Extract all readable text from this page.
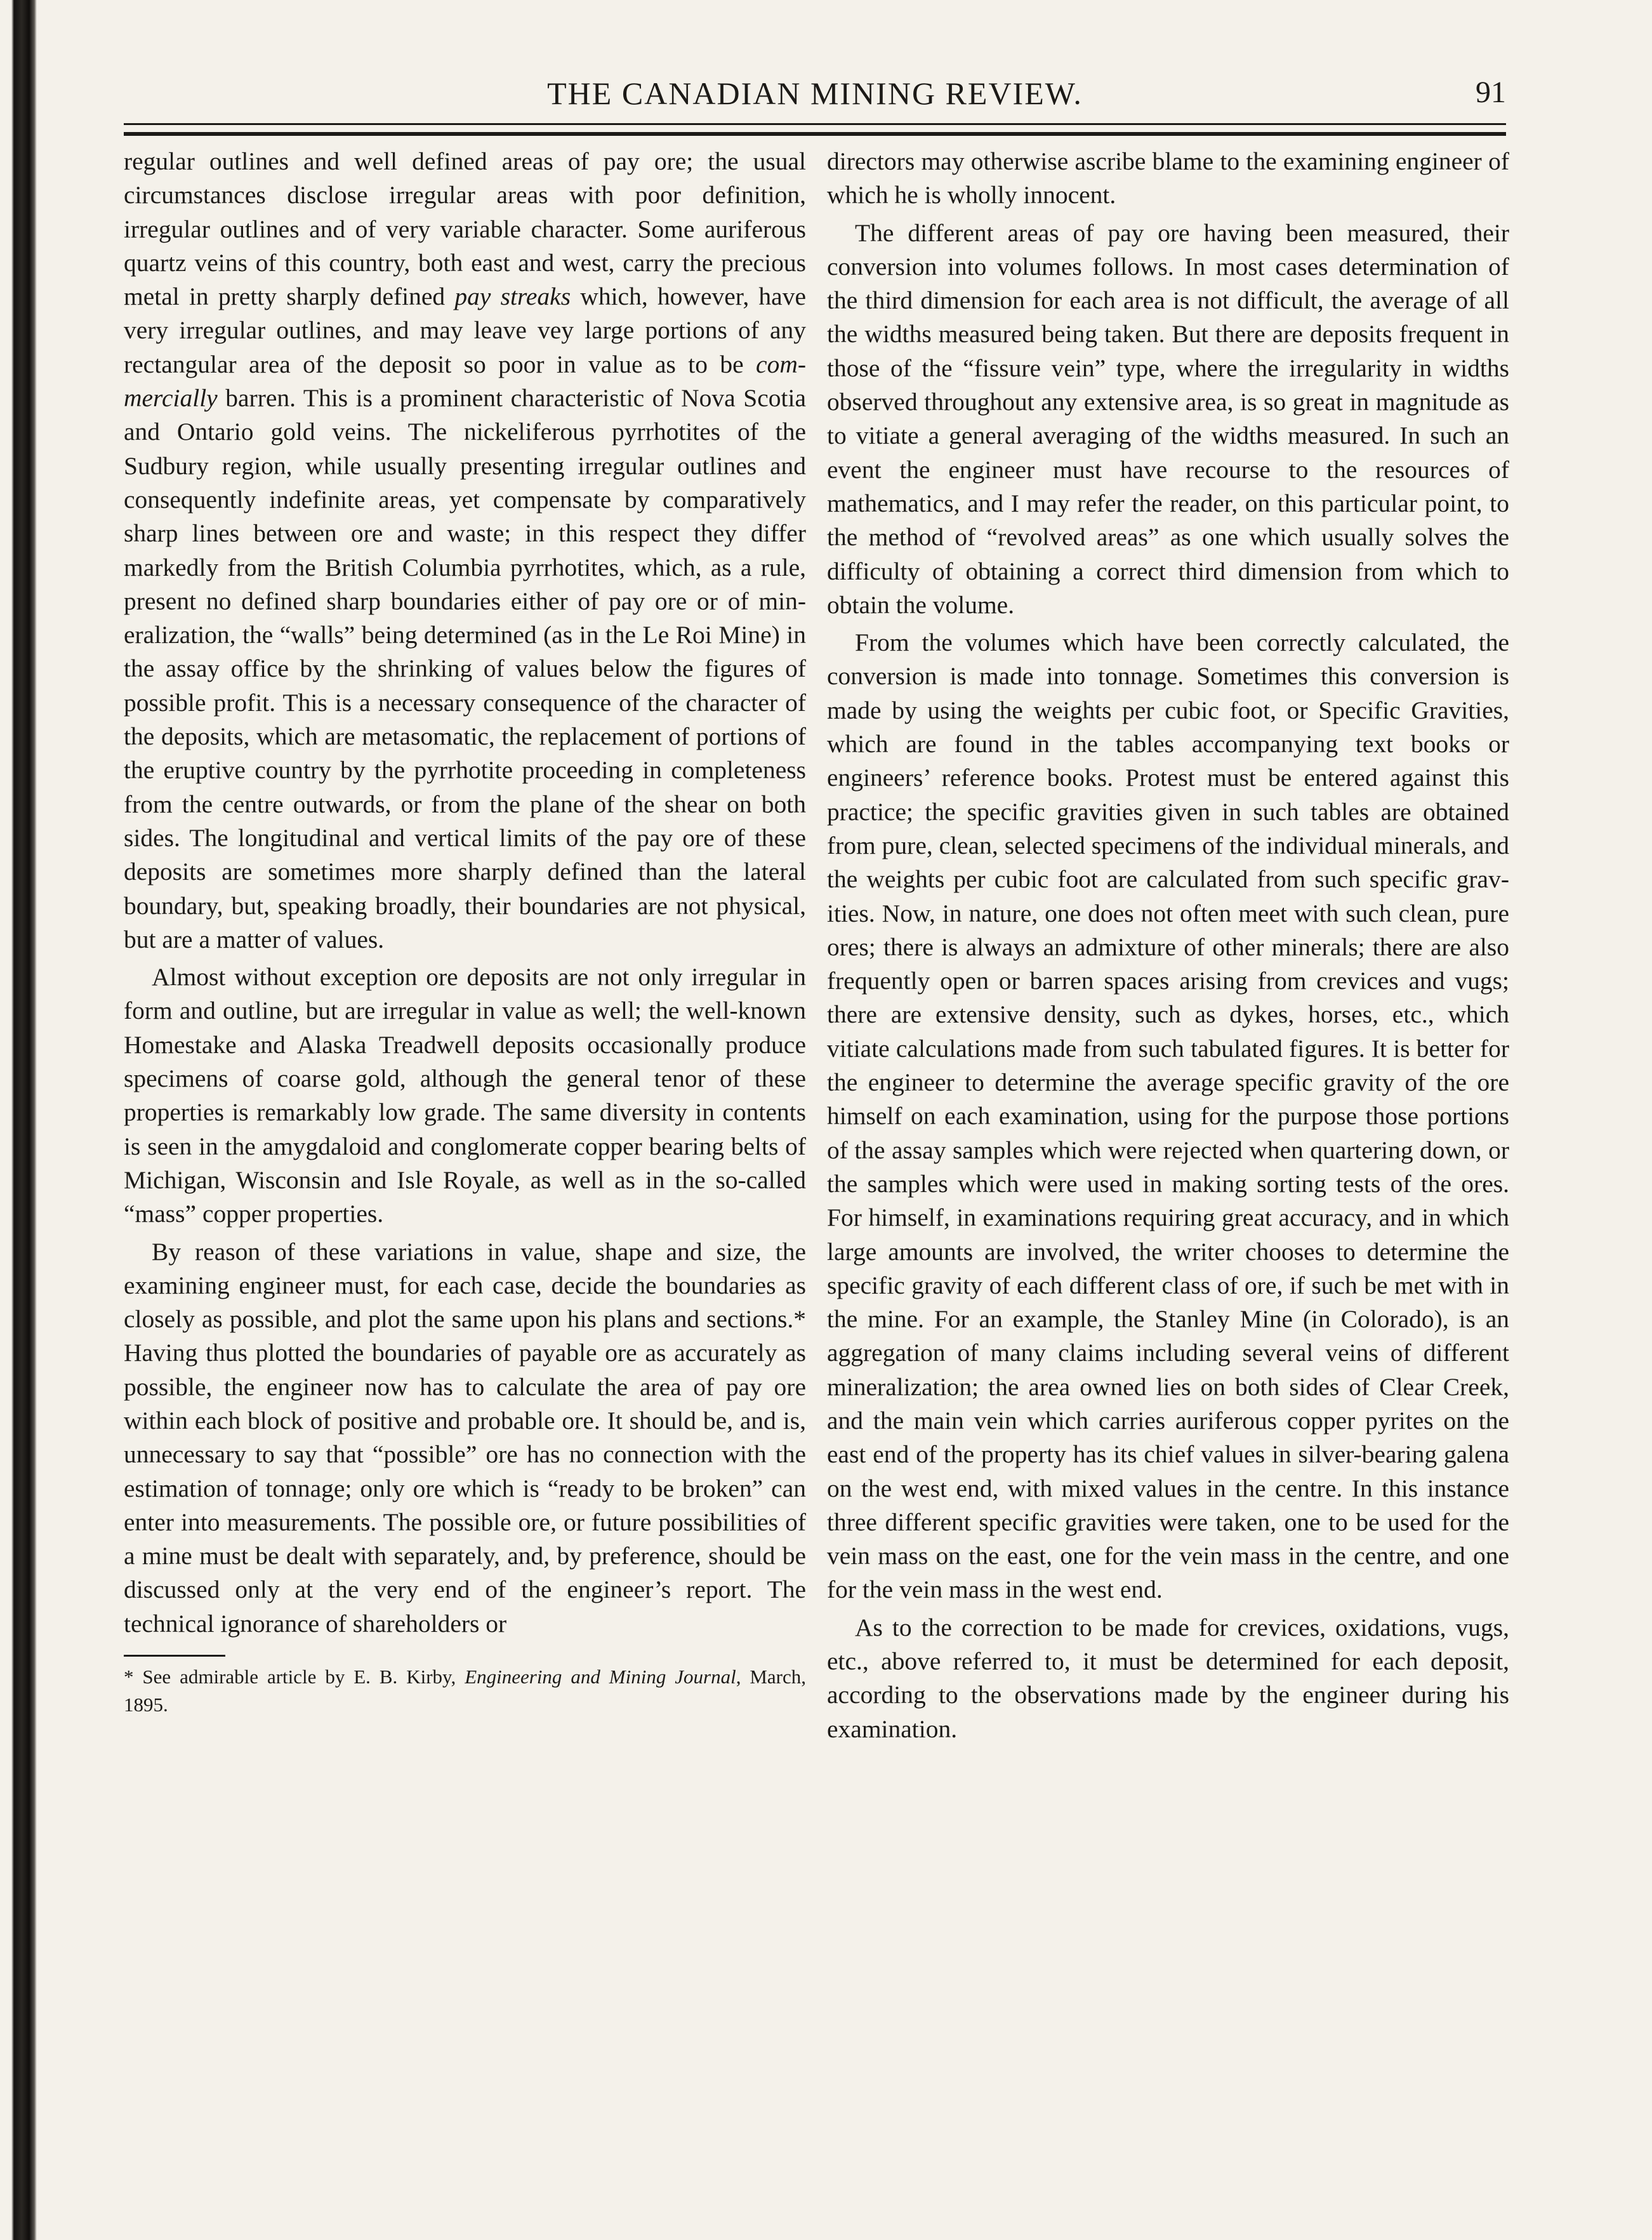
THE CANADIAN MINING REVIEW.	91

regular outlines and well defined areas of pay ore; the usual circumstances disclose irregular areas with poor definition, irregular outlines and of very variable character. Some auriferous quartz veins of this country, both east and west, carry the precious metal in pretty sharply defined pay streaks which, however, have very irregular outlines, and may leave vey large portions of any rectangular area of the deposit so poor in value as to be commercially barren. This is a prominent characteristic of Nova Scotia and Ontario gold veins. The nickeliferous pyrrhotites of the Sudbury region, while usually presenting irregular outlines and consequently indefinite areas, yet compensate by comparatively sharp lines between ore and waste; in this respect they differ markedly from the British Columbia pyrrhotites, which, as a rule, present no defined sharp boundaries either of pay ore or of mineralization, the “walls” being determined (as in the Le Roi Mine) in the assay office by the shrinking of values below the figures of possible profit. This is a necessary consequence of the character of the deposits, which are metasomatic, the replacement of portions of the eruptive country by the pyrrhotite proceeding in completeness from the centre outwards, or from the plane of the shear on both sides. The longitudinal and vertical limits of the pay ore of these deposits are sometimes more sharply defined than the lateral boundary, but, speaking broadly, their boundaries are not physical, but are a matter of values.

Almost without exception ore deposits are not only irregular in form and outline, but are irregular in value as well; the well-known Homestake and Alaska Treadwell deposits occasionally produce specimens of coarse gold, although the general tenor of these properties is remarkably low grade. The same diversity in contents is seen in the amygdaloid and conglomerate copper bearing belts of Michigan, Wisconsin and Isle Royale, as well as in the so-called “mass” copper properties.

By reason of these variations in value, shape and size, the examining engineer must, for each case, decide the boundaries as closely as possible, and plot the same upon his plans and sections.* Having thus plotted the boundaries of payable ore as accurately as possible, the engineer now has to calculate the area of pay ore within each block of positive and probable ore. It should be, and is, unnecessary to say that “possible” ore has no connection with the estimation of tonnage; only ore which is “ready to be broken” can enter into measurements. The possible ore, or future possibilities of a mine must be dealt with separately, and, by preference, should be discussed only at the very end of the engineer’s report. The technical ignorance of shareholders or

* See admirable article by E. B. Kirby, Engineering and Mining Journal, March, 1895.

directors may otherwise ascribe blame to the examining engineer of which he is wholly innocent.

The different areas of pay ore having been measured, their conversion into volumes follows. In most cases determination of the third dimension for each area is not difficult, the average of all the widths measured being taken. But there are deposits frequent in those of the “fissure vein” type, where the irregularity in widths observed throughout any extensive area, is so great in magnitude as to vitiate a general averaging of the widths measured. In such an event the engineer must have recourse to the resources of mathematics, and I may refer the reader, on this particular point, to the method of “revolved areas” as one which usually solves the difficulty of obtaining a correct third dimension from which to obtain the volume.

From the volumes which have been correctly calculated, the conversion is made into tonnage. Sometimes this conversion is made by using the weights per cubic foot, or Specific Gravities, which are found in the tables accompanying text books or engineers’ reference books. Protest must be entered against this practice; the specific gravities given in such tables are obtained from pure, clean, selected specimens of the individual minerals, and the weights per cubic foot are calculated from such specific gravities. Now, in nature, one does not often meet with such clean, pure ores; there is always an admixture of other minerals; there are also frequently open or barren spaces arising from crevices and vugs; there are extensive density, such as dykes, horses, etc., which vitiate calculations made from such tabulated figures. It is better for the engineer to determine the average specific gravity of the ore himself on each examination, using for the purpose those portions of the assay samples which were rejected when quartering down, or the samples which were used in making sorting tests of the ores. For himself, in examinations requiring great accuracy, and in which large amounts are involved, the writer chooses to determine the specific gravity of each different class of ore, if such be met with in the mine. For an example, the Stanley Mine (in Colorado), is an aggregation of many claims including several veins of different mineralization; the area owned lies on both sides of Clear Creek, and the main vein which carries auriferous copper pyrites on the east end of the property has its chief values in silver-bearing galena on the west end, with mixed values in the centre. In this instance three different specific gravities were taken, one to be used for the vein mass on the east, one for the vein mass in the centre, and one for the vein mass in the west end.

As to the correction to be made for crevices, oxidations, vugs, etc., above referred to, it must be determined for each deposit, according to the observations made by the engineer during his examination.
